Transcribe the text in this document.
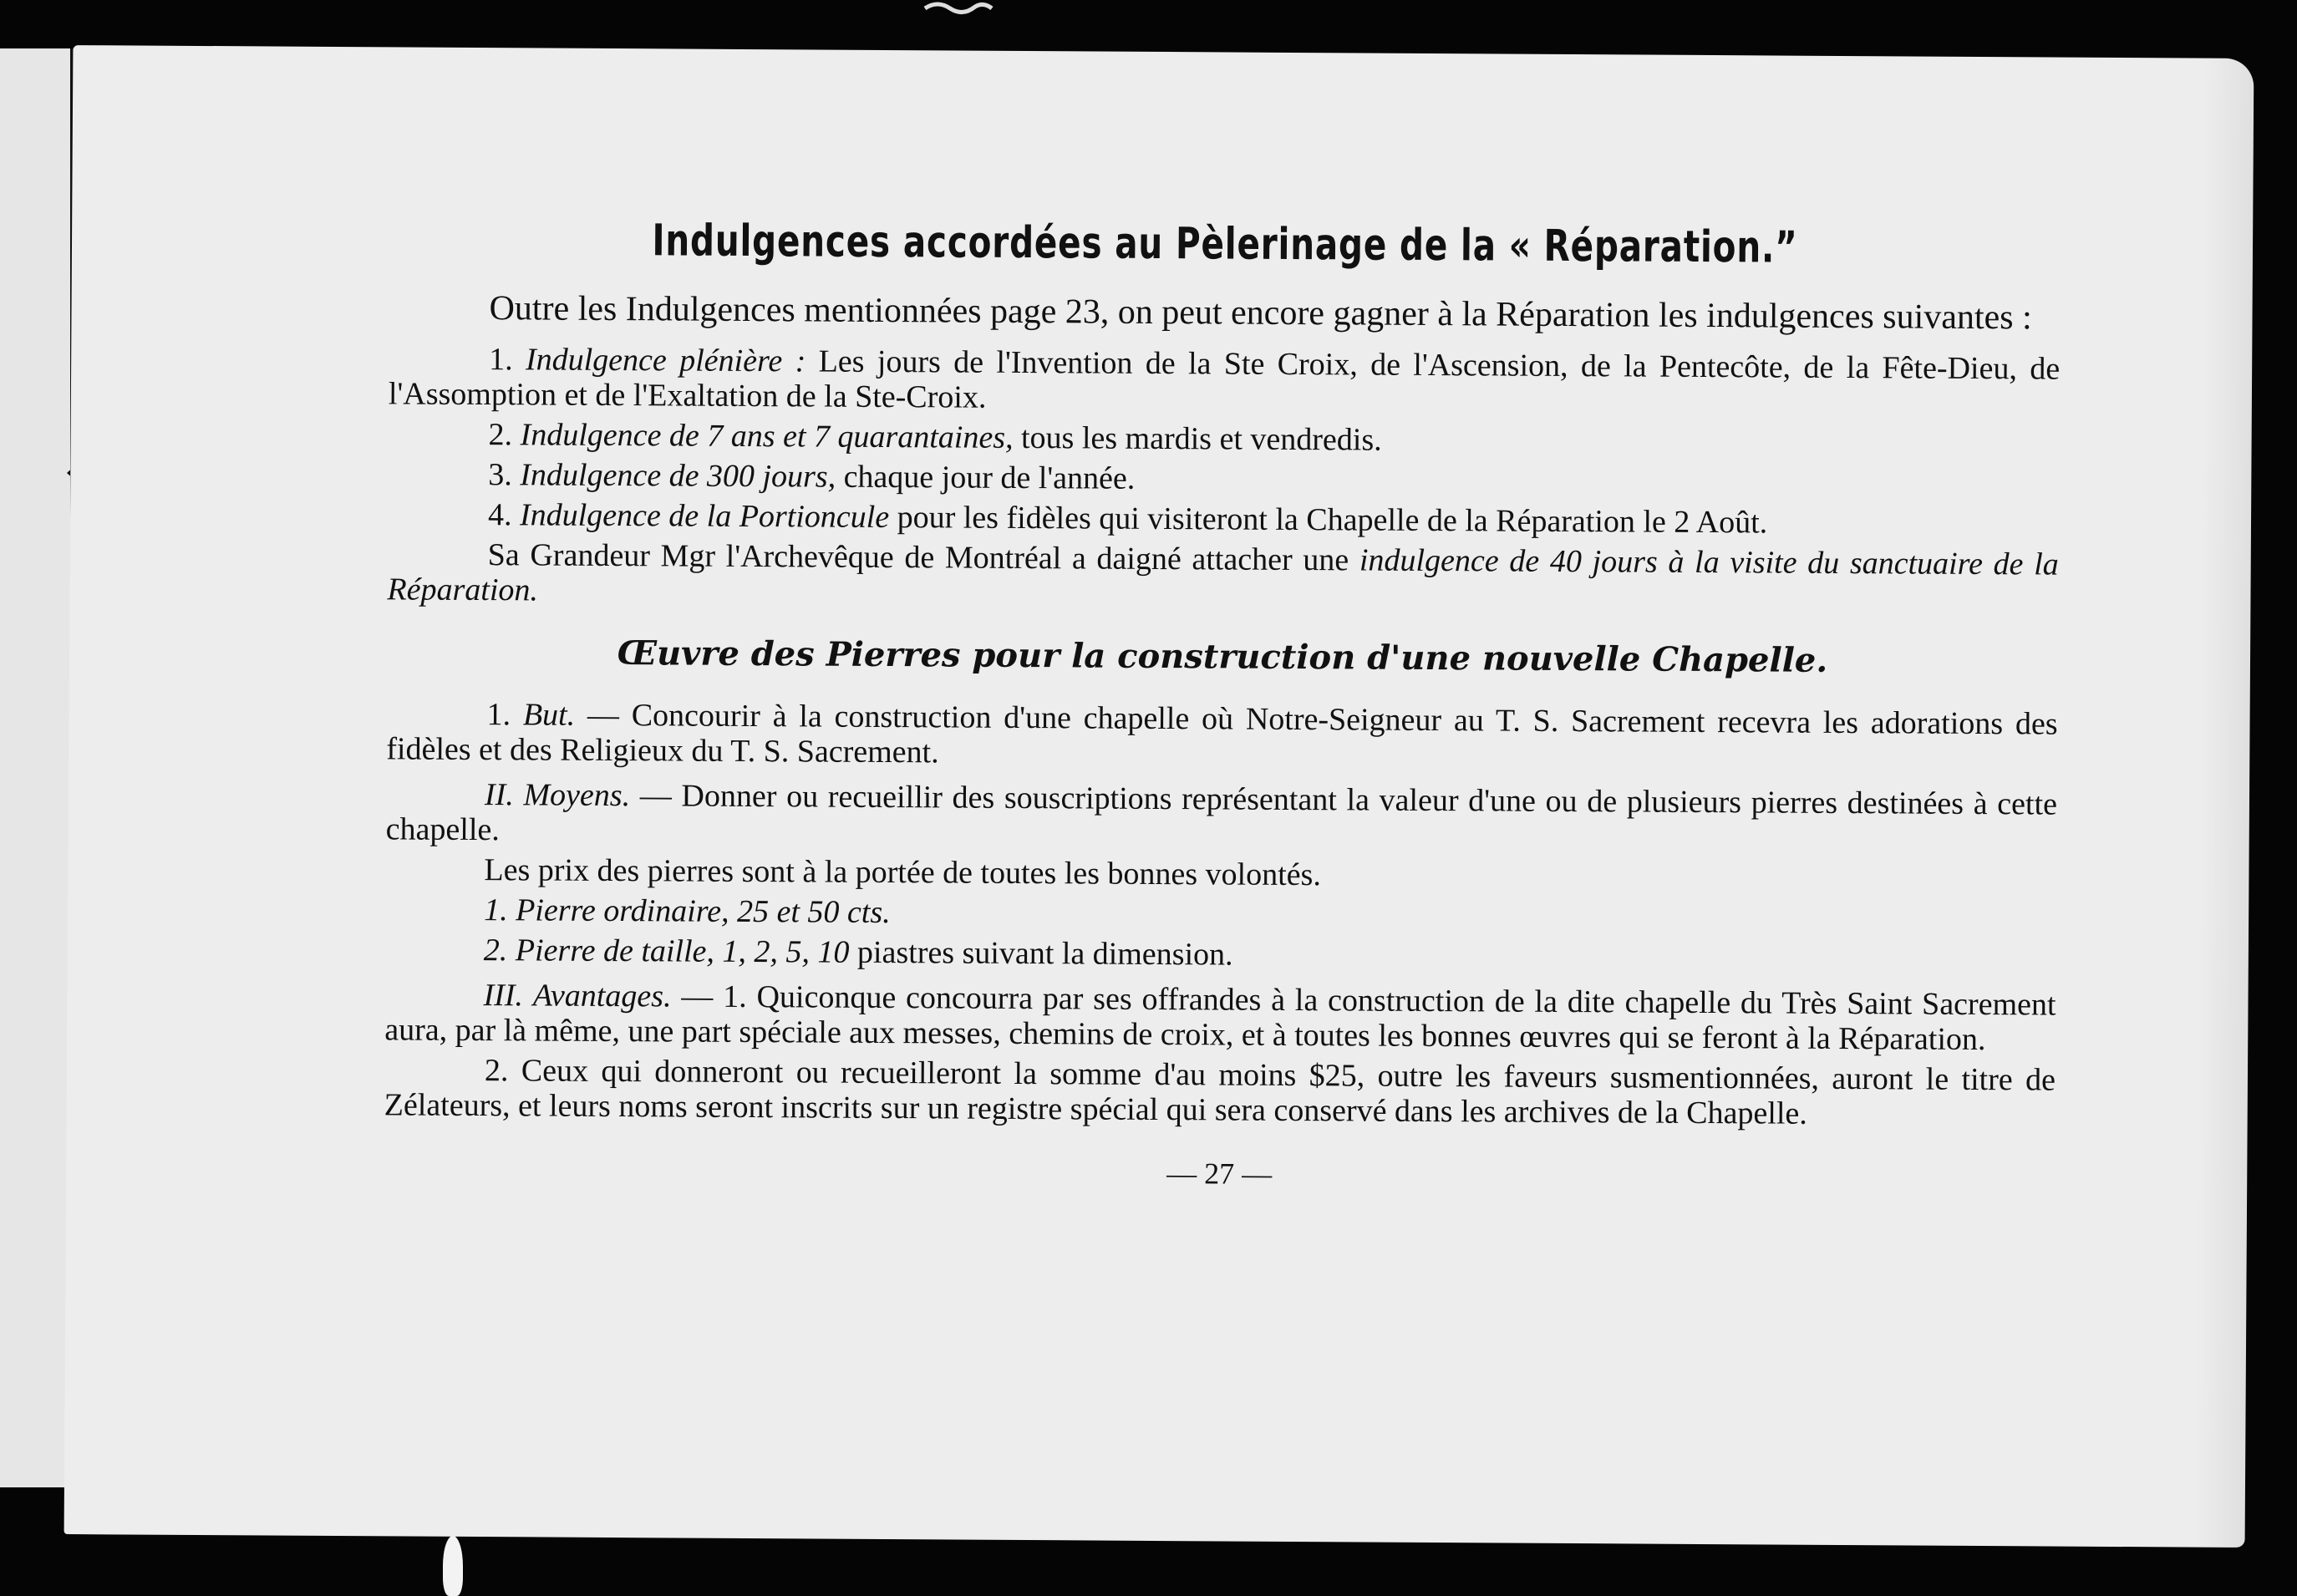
Indulgences accordées au Pèlerinage de la « Réparation.”

Outre les Indulgences mentionnées page 23, on peut encore gagner à la Réparation les indulgences suivantes :

1. Indulgence plénière : Les jours de l'Invention de la Ste Croix, de l'Ascension, de la Pentecôte, de la Fête-Dieu, de l'Assomption et de l'Exaltation de la Ste-Croix.

2. Indulgence de 7 ans et 7 quarantaines, tous les mardis et vendredis.

3. Indulgence de 300 jours, chaque jour de l'année.

4. Indulgence de la Portioncule pour les fidèles qui visiteront la Chapelle de la Réparation le 2 Août.

Sa Grandeur Mgr l'Archevêque de Montréal a daigné attacher une indulgence de 40 jours à la visite du sanctuaire de la Réparation.

Œuvre des Pierres pour la construction d'une nouvelle Chapelle.

1. But. — Concourir à la construction d'une chapelle où Notre-Seigneur au T. S. Sacrement recevra les adorations des fidèles et des Religieux du T. S. Sacrement.

II. Moyens. — Donner ou recueillir des souscriptions représentant la valeur d'une ou de plusieurs pierres destinées à cette chapelle.

Les prix des pierres sont à la portée de toutes les bonnes volontés.

1. Pierre ordinaire, 25 et 50 cts.

2. Pierre de taille, 1, 2, 5, 10 piastres suivant la dimension.

III. Avantages. — 1. Quiconque concourra par ses offrandes à la construction de la dite chapelle du Très Saint Sacrement aura, par là même, une part spéciale aux messes, chemins de croix, et à toutes les bonnes œuvres qui se feront à la Réparation.

2. Ceux qui donneront ou recueilleront la somme d'au moins $25, outre les faveurs susmentionnées, auront le titre de Zélateurs, et leurs noms seront inscrits sur un registre spécial qui sera conservé dans les archives de la Chapelle.

— 27 —
